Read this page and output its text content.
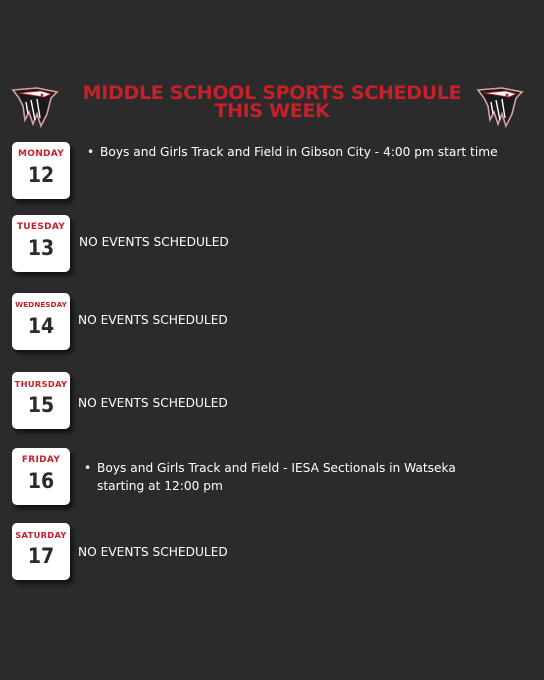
MIDDLE SCHOOL SPORTS SCHEDULE
THIS WEEK
MONDAY
12
• Boys and Girls Track and Field in Gibson City - 4:00 pm start time
TUESDAY
13	NO EVENTS SCHEDULED
WEDNESDAY
14	NO EVENTS SCHEDULED
THURSDAY
15	NO EVENTS SCHEDULED
FRIDAY
16
• Boys and Girls Track and Field - IESA Sectionals in Watseka starting at 12:00 pm
SATURDAY
17	NO EVENTS SCHEDULED
